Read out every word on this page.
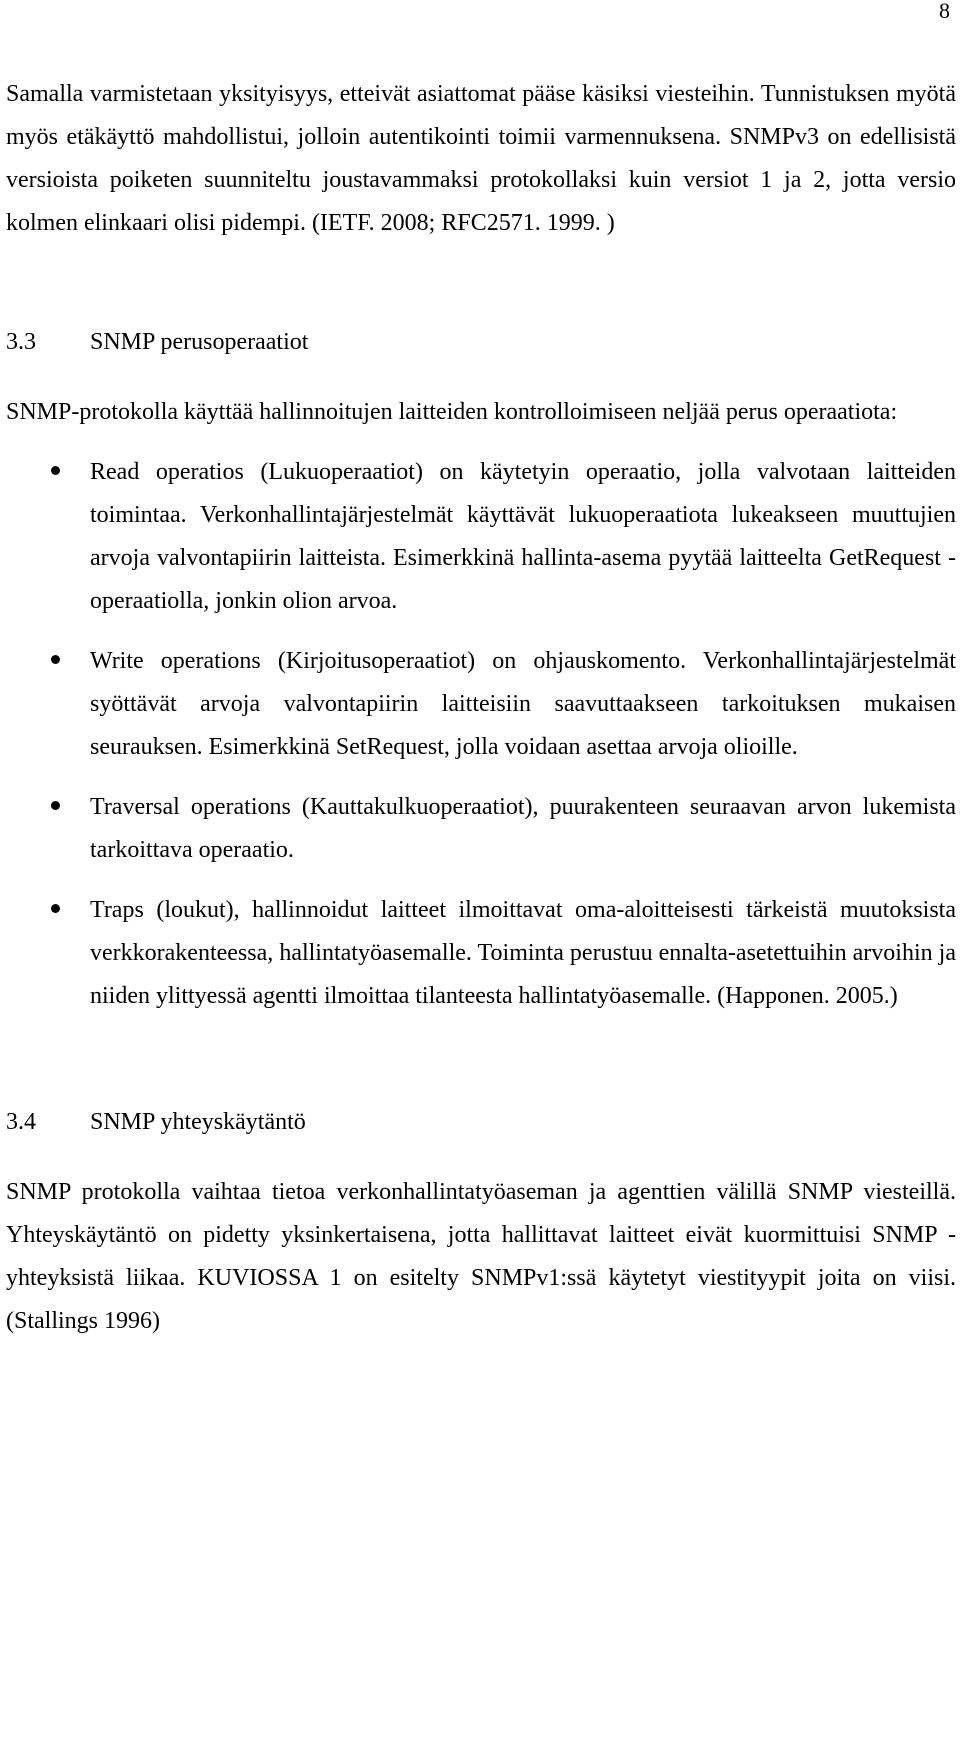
8

Samalla varmistetaan yksityisyys, etteivät asiattomat pääse käsiksi viesteihin. Tunnistuksen myötä myös etäkäyttö mahdollistui, jolloin autentikointi toimii varmennuksena. SNMPv3 on edellisistä versioista poiketen suunniteltu joustavammaksi protokollaksi kuin versiot 1 ja 2, jotta versio kolmen elinkaari olisi pidempi. (IETF. 2008; RFC2571. 1999. )

3.3	SNMP perusoperaatiot

SNMP-protokolla käyttää hallinnoitujen laitteiden kontrolloimiseen neljää perus operaatiota:

Read operatios (Lukuoperaatiot) on käytetyin operaatio, jolla valvotaan laitteiden toimintaa. Verkonhallintajärjestelmät käyttävät lukuoperaatiota lukeakseen muuttujien arvoja valvontapiirin laitteista. Esimerkkinä hallinta-asema pyytää laitteelta GetRequest -operaatiolla, jonkin olion arvoa.

Write operations (Kirjoitusoperaatiot) on ohjauskomento. Verkonhallintajärjestelmät syöttävät arvoja valvontapiirin laitteisiin saavuttaakseen tarkoituksen mukaisen seurauksen. Esimerkkinä SetRequest, jolla voidaan asettaa arvoja olioille.

Traversal operations (Kauttakulkuoperaatiot), puurakenteen seuraavan arvon lukemista tarkoittava operaatio.

Traps (loukut), hallinnoidut laitteet ilmoittavat oma-aloitteisesti tärkeistä muutoksista verkkorakenteessa, hallintatyöasemalle. Toiminta perustuu ennalta-asetettuihin arvoihin ja niiden ylittyessä agentti ilmoittaa tilanteesta hallintatyöasemalle. (Happonen. 2005.)

3.4	SNMP yhteyskäytäntö

SNMP protokolla vaihtaa tietoa verkonhallintatyöaseman ja agenttien välillä SNMP viesteillä. Yhteyskäytäntö on pidetty yksinkertaisena, jotta hallittavat laitteet eivät kuormittuisi SNMP -yhteyksistä liikaa. KUVIOSSA 1 on esitelty SNMPv1:ssä käytetyt viestityypit joita on viisi. (Stallings 1996)
